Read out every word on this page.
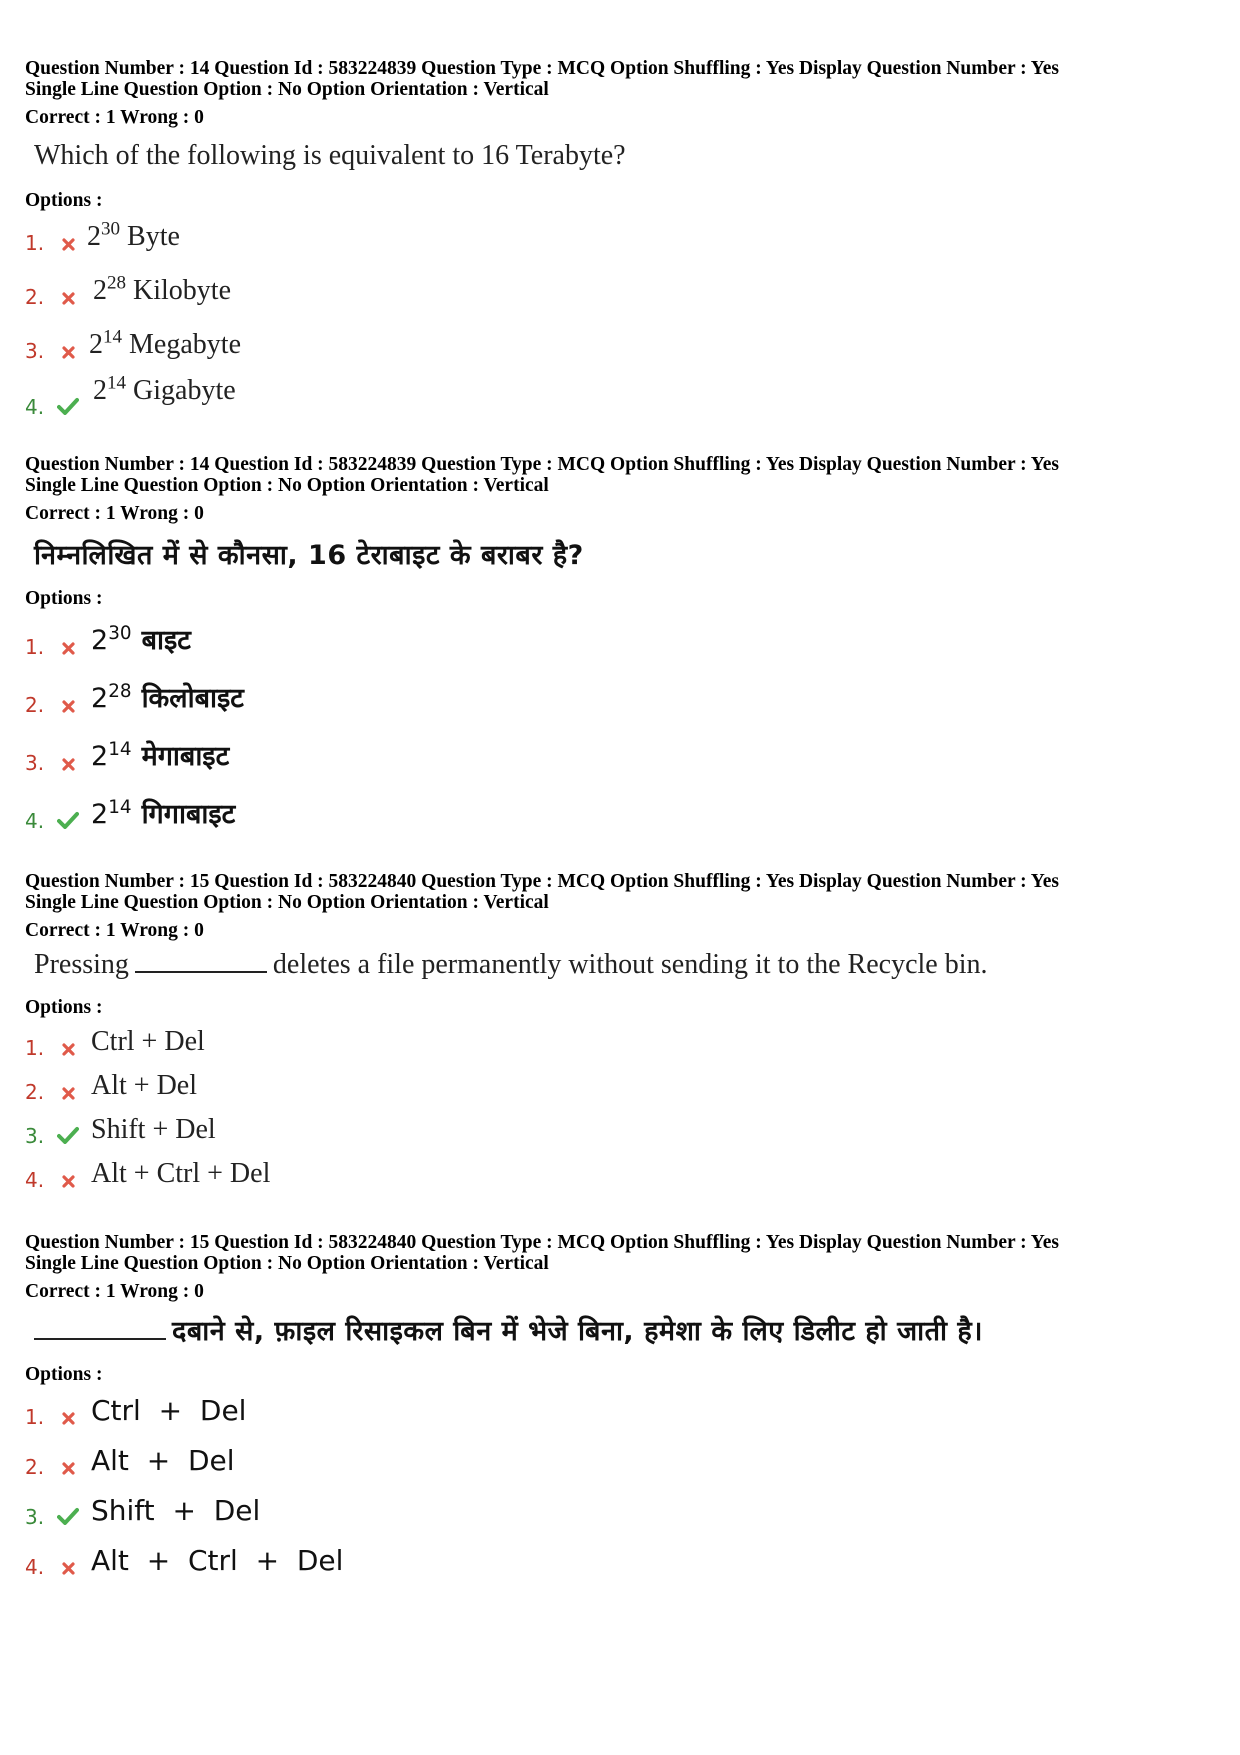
Question Number : 14 Question Id : 583224839 Question Type : MCQ Option Shuffling : Yes Display Question Number : Yes
Single Line Question Option : No Option Orientation : Vertical
Correct : 1 Wrong : 0
Which of the following is equivalent to 16 Terabyte?
Options :
1.	$2^{30}$ Byte
2.	$2^{28}$ Kilobyte
3.	$2^{14}$ Megabyte
4.
$2^{14}$ Gigabyte
Question Number : 14 Question Id : 583224839 Question Type : MCQ Option Shuffling : Yes Display Question Number : Yes
Single Line Question Option : No Option Orientation : Vertical
Correct : 1 Wrong : 0
निम्नलिखित में से कौनसा, 16 टेराबाइट के बराबर है?
Options :
1.	$2^{30}$ बाइट
2.	$2^{28}$ किलोबाइट
3.	$2^{14}$ मेगाबाइट
4.	$2^{14}$ गिगाबाइट
Question Number : 15 Question Id : 583224840 Question Type : MCQ Option Shuffling : Yes Display Question Number : Yes
Single Line Question Option : No Option Orientation : Vertical
Correct : 1 Wrong : 0
Pressing	deletes a file permanently without sending it to the Recycle bin.
Options :
1.	Ctrl + Del
2.	Alt + Del
3.	Shift + Del
4.	Alt + Ctrl + Del
Question Number : 15 Question Id : 583224840 Question Type : MCQ Option Shuffling : Yes Display Question Number : Yes
Single Line Question Option : No Option Orientation : Vertical
Correct : 1 Wrong : 0
दबाने से, फ़ाइल रिसाइकल बिन में भेजे बिना, हमेशा के लिए डिलीट हो जाती है।
Options :
1.	Ctrl  +  Del
2.	Alt  +  Del
3.	Shift  +  Del
4.	Alt  +  Ctrl  +  Del
